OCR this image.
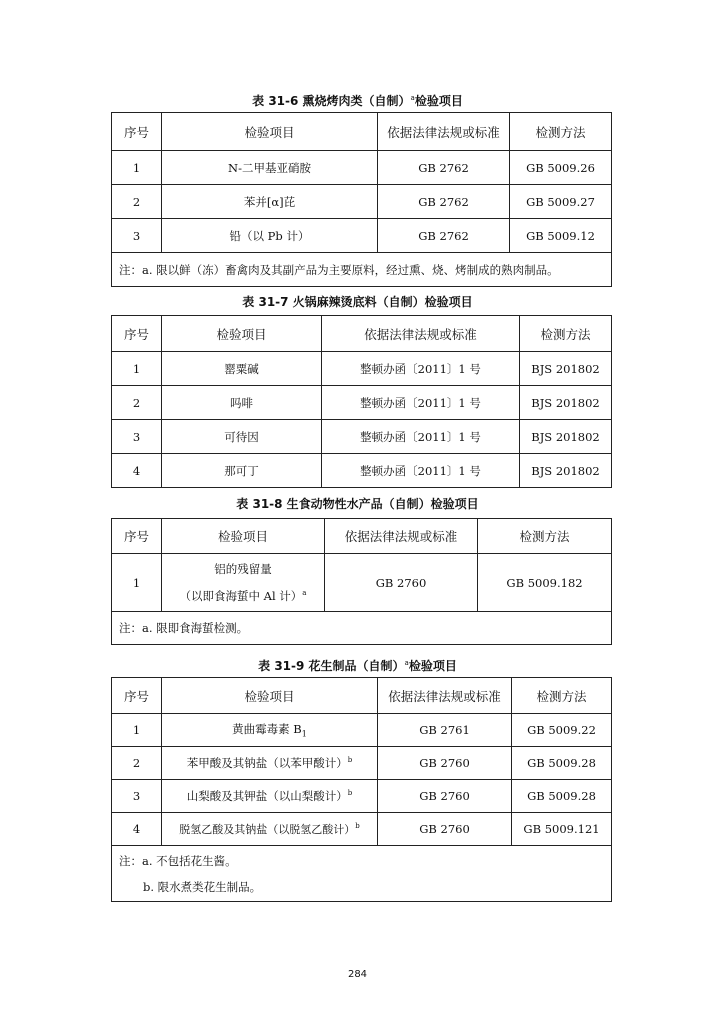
表 31-6 熏烧烤肉类（自制）$^a$检验项目
序号	检验项目	依据法律法规或标准	检测方法
1	N-二甲基亚硝胺	GB 2762	GB 5009.26
2	苯并[α]芘	GB 2762	GB 5009.27
3	铅（以 Pb 计）	GB 2762	GB 5009.12
注：a. 限以鲜（冻）畜禽肉及其副产品为主要原料，经过熏、烧、烤制成的熟肉制品。			
表 31-7 火锅麻辣烫底料（自制）检验项目
序号	检验项目	依据法律法规或标准	检测方法
1	罂粟碱	整顿办函〔2011〕1 号	BJS 201802
2	吗啡	整顿办函〔2011〕1 号	BJS 201802
3	可待因	整顿办函〔2011〕1 号	BJS 201802
4	那可丁	整顿办函〔2011〕1 号	BJS 201802
表 31-8 生食动物性水产品（自制）检验项目
序号	检验项目	依据法律法规或标准	检测方法
1	铝的残留量
（以即食海蜇中 Al 计）$^a$	GB 2760	GB 5009.182
注：a. 限即食海蜇检测。			
表 31-9 花生制品（自制）$^a$检验项目
序号	检验项目	依据法律法规或标准	检测方法
1	黄曲霉毒素 $B_1$	GB 2761	GB 5009.22
2	苯甲酸及其钠盐（以苯甲酸计）$^b$	GB 2760	GB 5009.28
3	山梨酸及其钾盐（以山梨酸计）$^b$	GB 2760	GB 5009.28
4	脱氢乙酸及其钠盐（以脱氢乙酸计）$^b$	GB 2760	GB 5009.121

注：a. 不包括花生酱。
b. 限水煮类花生制品。			
284
